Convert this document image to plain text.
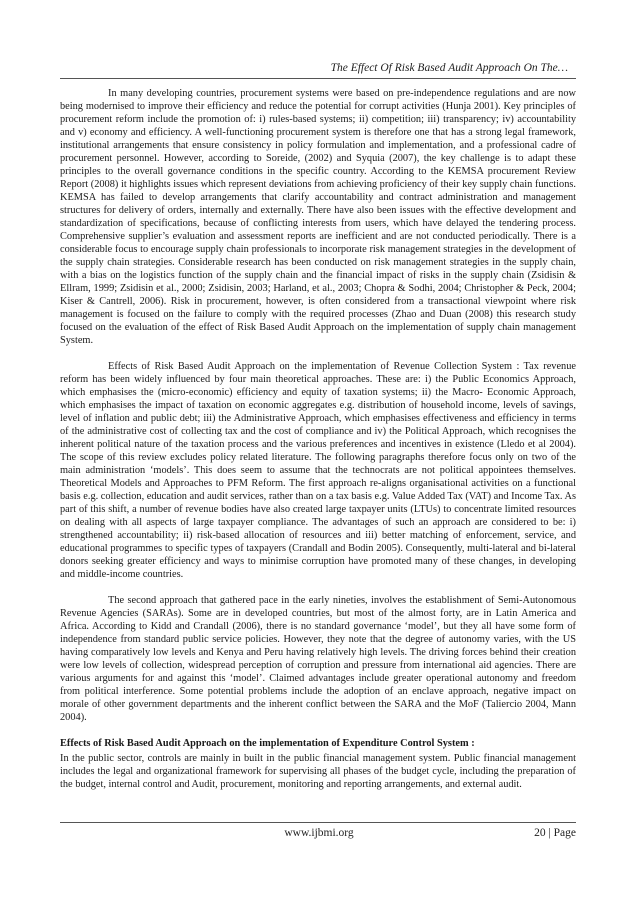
The Effect Of Risk Based Audit Approach On The…

In many developing countries, procurement systems were based on pre-independence regulations and are now being modernised to improve their efficiency and reduce the potential for corrupt activities (Hunja 2001). Key principles of procurement reform include the promotion of: i) rules-based systems; ii) competition; iii) transparency; iv) accountability and v) economy and efficiency. A well-functioning procurement system is therefore one that has a strong legal framework, institutional arrangements that ensure consistency in policy formulation and implementation, and a professional cadre of procurement personnel. However, according to Soreide, (2002) and Syquia (2007), the key challenge is to adapt these principles to the overall governance conditions in the specific country. According to the KEMSA procurement Review Report (2008) it highlights issues which represent deviations from achieving proficiency of their key supply chain functions. KEMSA has failed to develop arrangements that clarify accountability and contract administration and management structures for delivery of orders, internally and externally. There have also been issues with the effective development and standardization of specifications, because of conflicting interests from users, which have delayed the tendering process. Comprehensive supplier’s evaluation and assessment reports are inefficient and are not conducted periodically. There is a considerable focus to encourage supply chain professionals to incorporate risk management strategies in the development of the supply chain strategies. Considerable research has been conducted on risk management strategies in the supply chain, with a bias on the logistics function of the supply chain and the financial impact of risks in the supply chain (Zsidisin & Ellram, 1999; Zsidisin et al., 2000; Zsidisin, 2003; Harland, et al., 2003; Chopra & Sodhi, 2004; Christopher & Peck, 2004; Kiser & Cantrell, 2006). Risk in procurement, however, is often considered from a transactional viewpoint where risk management is focused on the failure to comply with the required processes (Zhao and Duan (2008) this research study focused on the evaluation of the effect of Risk Based Audit Approach on the implementation of supply chain management System.

Effects of Risk Based Audit Approach on the implementation of Revenue Collection System : Tax revenue reform has been widely influenced by four main theoretical approaches. These are: i) the Public Economics Approach, which emphasises the (micro-economic) efficiency and equity of taxation systems; ii) the Macro- Economic Approach, which emphasises the impact of taxation on economic aggregates e.g. distribution of household income, levels of savings, level of inflation and public debt; iii) the Administrative Approach, which emphasises effectiveness and efficiency in terms of the administrative cost of collecting tax and the cost of compliance and iv) the Political Approach, which recognises the inherent political nature of the taxation process and the various preferences and incentives in existence (Lledo et al 2004). The scope of this review excludes policy related literature. The following paragraphs therefore focus only on two of the main administration ‘models’. This does seem to assume that the technocrats are not political appointees themselves. Theoretical Models and Approaches to PFM Reform. The first approach re-aligns organisational activities on a functional basis e.g. collection, education and audit services, rather than on a tax basis e.g. Value Added Tax (VAT) and Income Tax. As part of this shift, a number of revenue bodies have also created large taxpayer units (LTUs) to concentrate limited resources on dealing with all aspects of large taxpayer compliance. The advantages of such an approach are considered to be: i) strengthened accountability; ii) risk-based allocation of resources and iii) better matching of enforcement, service, and educational programmes to specific types of taxpayers (Crandall and Bodin 2005). Consequently, multi-lateral and bi-lateral donors seeking greater efficiency and ways to minimise corruption have promoted many of these changes, in developing and middle-income countries.

The second approach that gathered pace in the early nineties, involves the establishment of Semi-Autonomous Revenue Agencies (SARAs). Some are in developed countries, but most of the almost forty, are in Latin America and Africa. According to Kidd and Crandall (2006), there is no standard governance ‘model’, but they all have some form of independence from standard public service policies. However, they note that the degree of autonomy varies, with the US having comparatively low levels and Kenya and Peru having relatively high levels. The driving forces behind their creation were low levels of collection, widespread perception of corruption and pressure from international aid agencies. There are various arguments for and against this ‘model’. Claimed advantages include greater operational autonomy and freedom from political interference. Some potential problems include the adoption of an enclave approach, negative impact on morale of other government departments and the inherent conflict between the SARA and the MoF (Taliercio 2004, Mann 2004).

Effects of Risk Based Audit Approach on the implementation of Expenditure Control System :

In the public sector, controls are mainly in built in the public financial management system. Public financial management includes the legal and organizational framework for supervising all phases of the budget cycle, including the preparation of the budget, internal control and Audit, procurement, monitoring and reporting arrangements, and external audit.

www.ijbmi.org	20 | Page
